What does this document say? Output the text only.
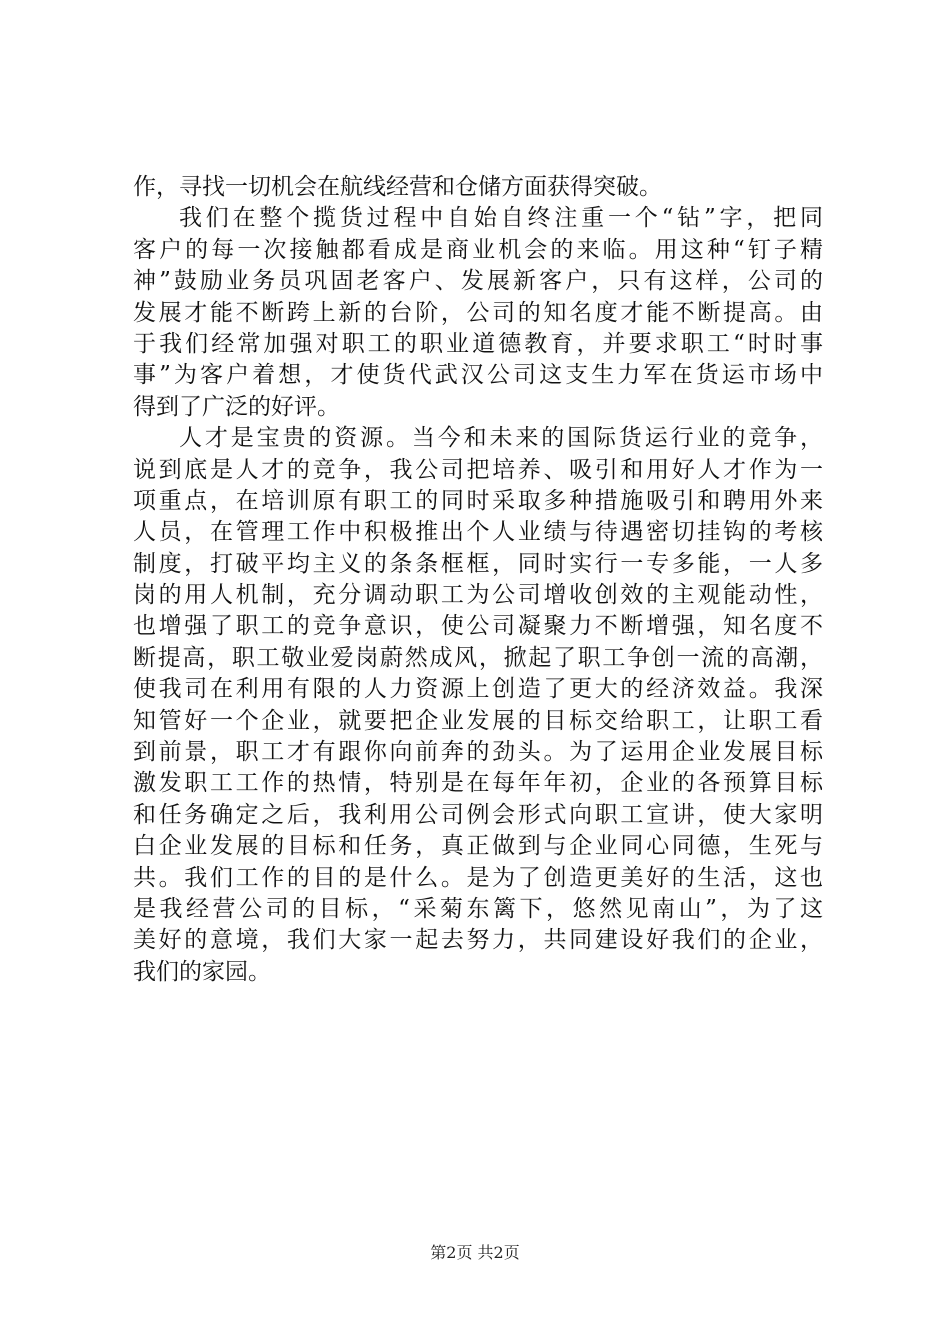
作，寻找一切机会在航线经营和仓储方面获得突破。
我们在整个揽货过程中自始自终注重一个“钻”字，把同
客户的每一次接触都看成是商业机会的来临。用这种“钉子精
神”鼓励业务员巩固老客户、发展新客户，只有这样，公司的
发展才能不断跨上新的台阶，公司的知名度才能不断提高。由
于我们经常加强对职工的职业道德教育，并要求职工“时时事
事”为客户着想，才使货代武汉公司这支生力军在货运市场中
得到了广泛的好评。
人才是宝贵的资源。当今和未来的国际货运行业的竞争，
说到底是人才的竞争，我公司把培养、吸引和用好人才作为一
项重点，在培训原有职工的同时采取多种措施吸引和聘用外来
人员，在管理工作中积极推出个人业绩与待遇密切挂钩的考核
制度，打破平均主义的条条框框，同时实行一专多能，一人多
岗的用人机制，充分调动职工为公司增收创效的主观能动性，
也增强了职工的竞争意识，使公司凝聚力不断增强，知名度不
断提高，职工敬业爱岗蔚然成风，掀起了职工争创一流的高潮，
使我司在利用有限的人力资源上创造了更大的经济效益。我深
知管好一个企业，就要把企业发展的目标交给职工，让职工看
到前景，职工才有跟你向前奔的劲头。为了运用企业发展目标
激发职工工作的热情，特别是在每年年初，企业的各预算目标
和任务确定之后，我利用公司例会形式向职工宣讲，使大家明
白企业发展的目标和任务，真正做到与企业同心同德，生死与
共。我们工作的目的是什么。是为了创造更美好的生活，这也
是我经营公司的目标，“采菊东篱下，悠然见南山”，为了这
美好的意境，我们大家一起去努力，共同建设好我们的企业，
我们的家园。
第2页 共2页
